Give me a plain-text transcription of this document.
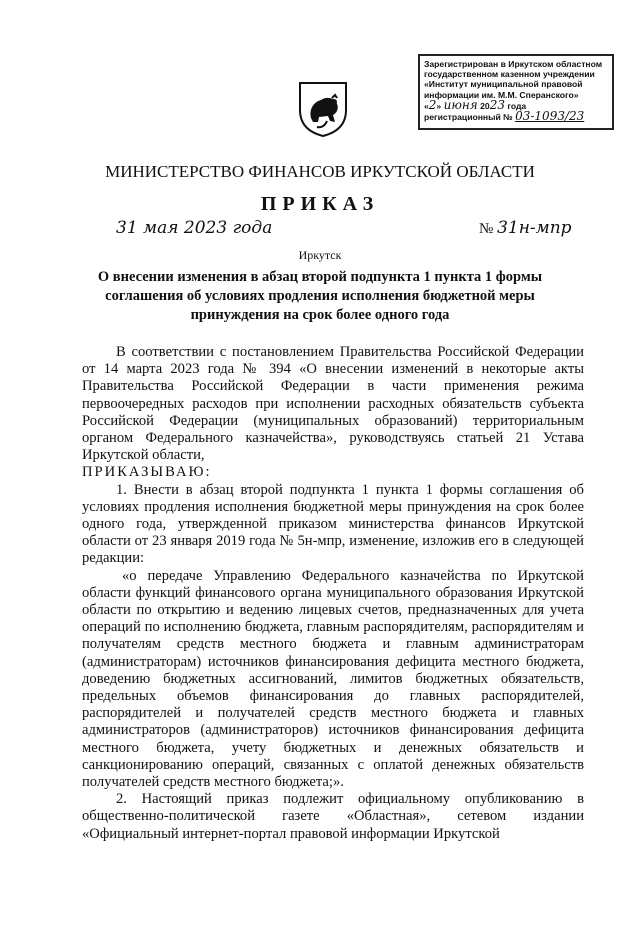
Зарегистрирован в Иркутском областном
государственном казенном учреждении
«Институт муниципальной правовой
информации им. М.М. Сперанского»
«2» июня 2023 года
регистрационный № 03-1093/23
МИНИСТЕРСТВО ФИНАНСОВ ИРКУТСКОЙ ОБЛАСТИ
ПРИКАЗ
31 мая 2023 года	№ 31н-мпр
Иркутск
О внесении изменения в абзац второй подпункта 1 пункта 1 формы
соглашения об условиях продления исполнения бюджетной меры
принуждения на срок более одного года

В соответствии с постановлением Правительства Российской Федерации от 14 марта 2023 года № 394 «О внесении изменений в некоторые акты Правительства Российской Федерации в части применения режима первоочередных расходов при исполнении расходных обязательств субъекта Российской Федерации (муниципальных образований) территориальным органом Федерального казначейства», руководствуясь статьей 21 Устава Иркутской области,

ПРИКАЗЫВАЮ:

1. Внести в абзац второй подпункта 1 пункта 1 формы соглашения об условиях продления исполнения бюджетной меры принуждения на срок более одного года, утвержденной приказом министерства финансов Иркутской области от 23 января 2019 года № 5н-мпр, изменение, изложив его в следующей редакции:

«о передаче Управлению Федерального казначейства по Иркутской области функций финансового органа муниципального образования Иркутской области по открытию и ведению лицевых счетов, предназначенных для учета операций по исполнению бюджета, главным распорядителям, распорядителям и получателям средств местного бюджета и главным администраторам (администраторам) источников финансирования дефицита местного бюджета, доведению бюджетных ассигнований, лимитов бюджетных обязательств, предельных объемов финансирования до главных распорядителей, распорядителей и получателей средств местного бюджета и главных администраторов (администраторов) источников финансирования дефицита местного бюджета, учету бюджетных и денежных обязательств и санкционированию операций, связанных с оплатой денежных обязательств получателей средств местного бюджета;».

2. Настоящий приказ подлежит официальному опубликованию в общественно-политической газете «Областная», сетевом издании «Официальный интернет-портал правовой информации Иркутской
